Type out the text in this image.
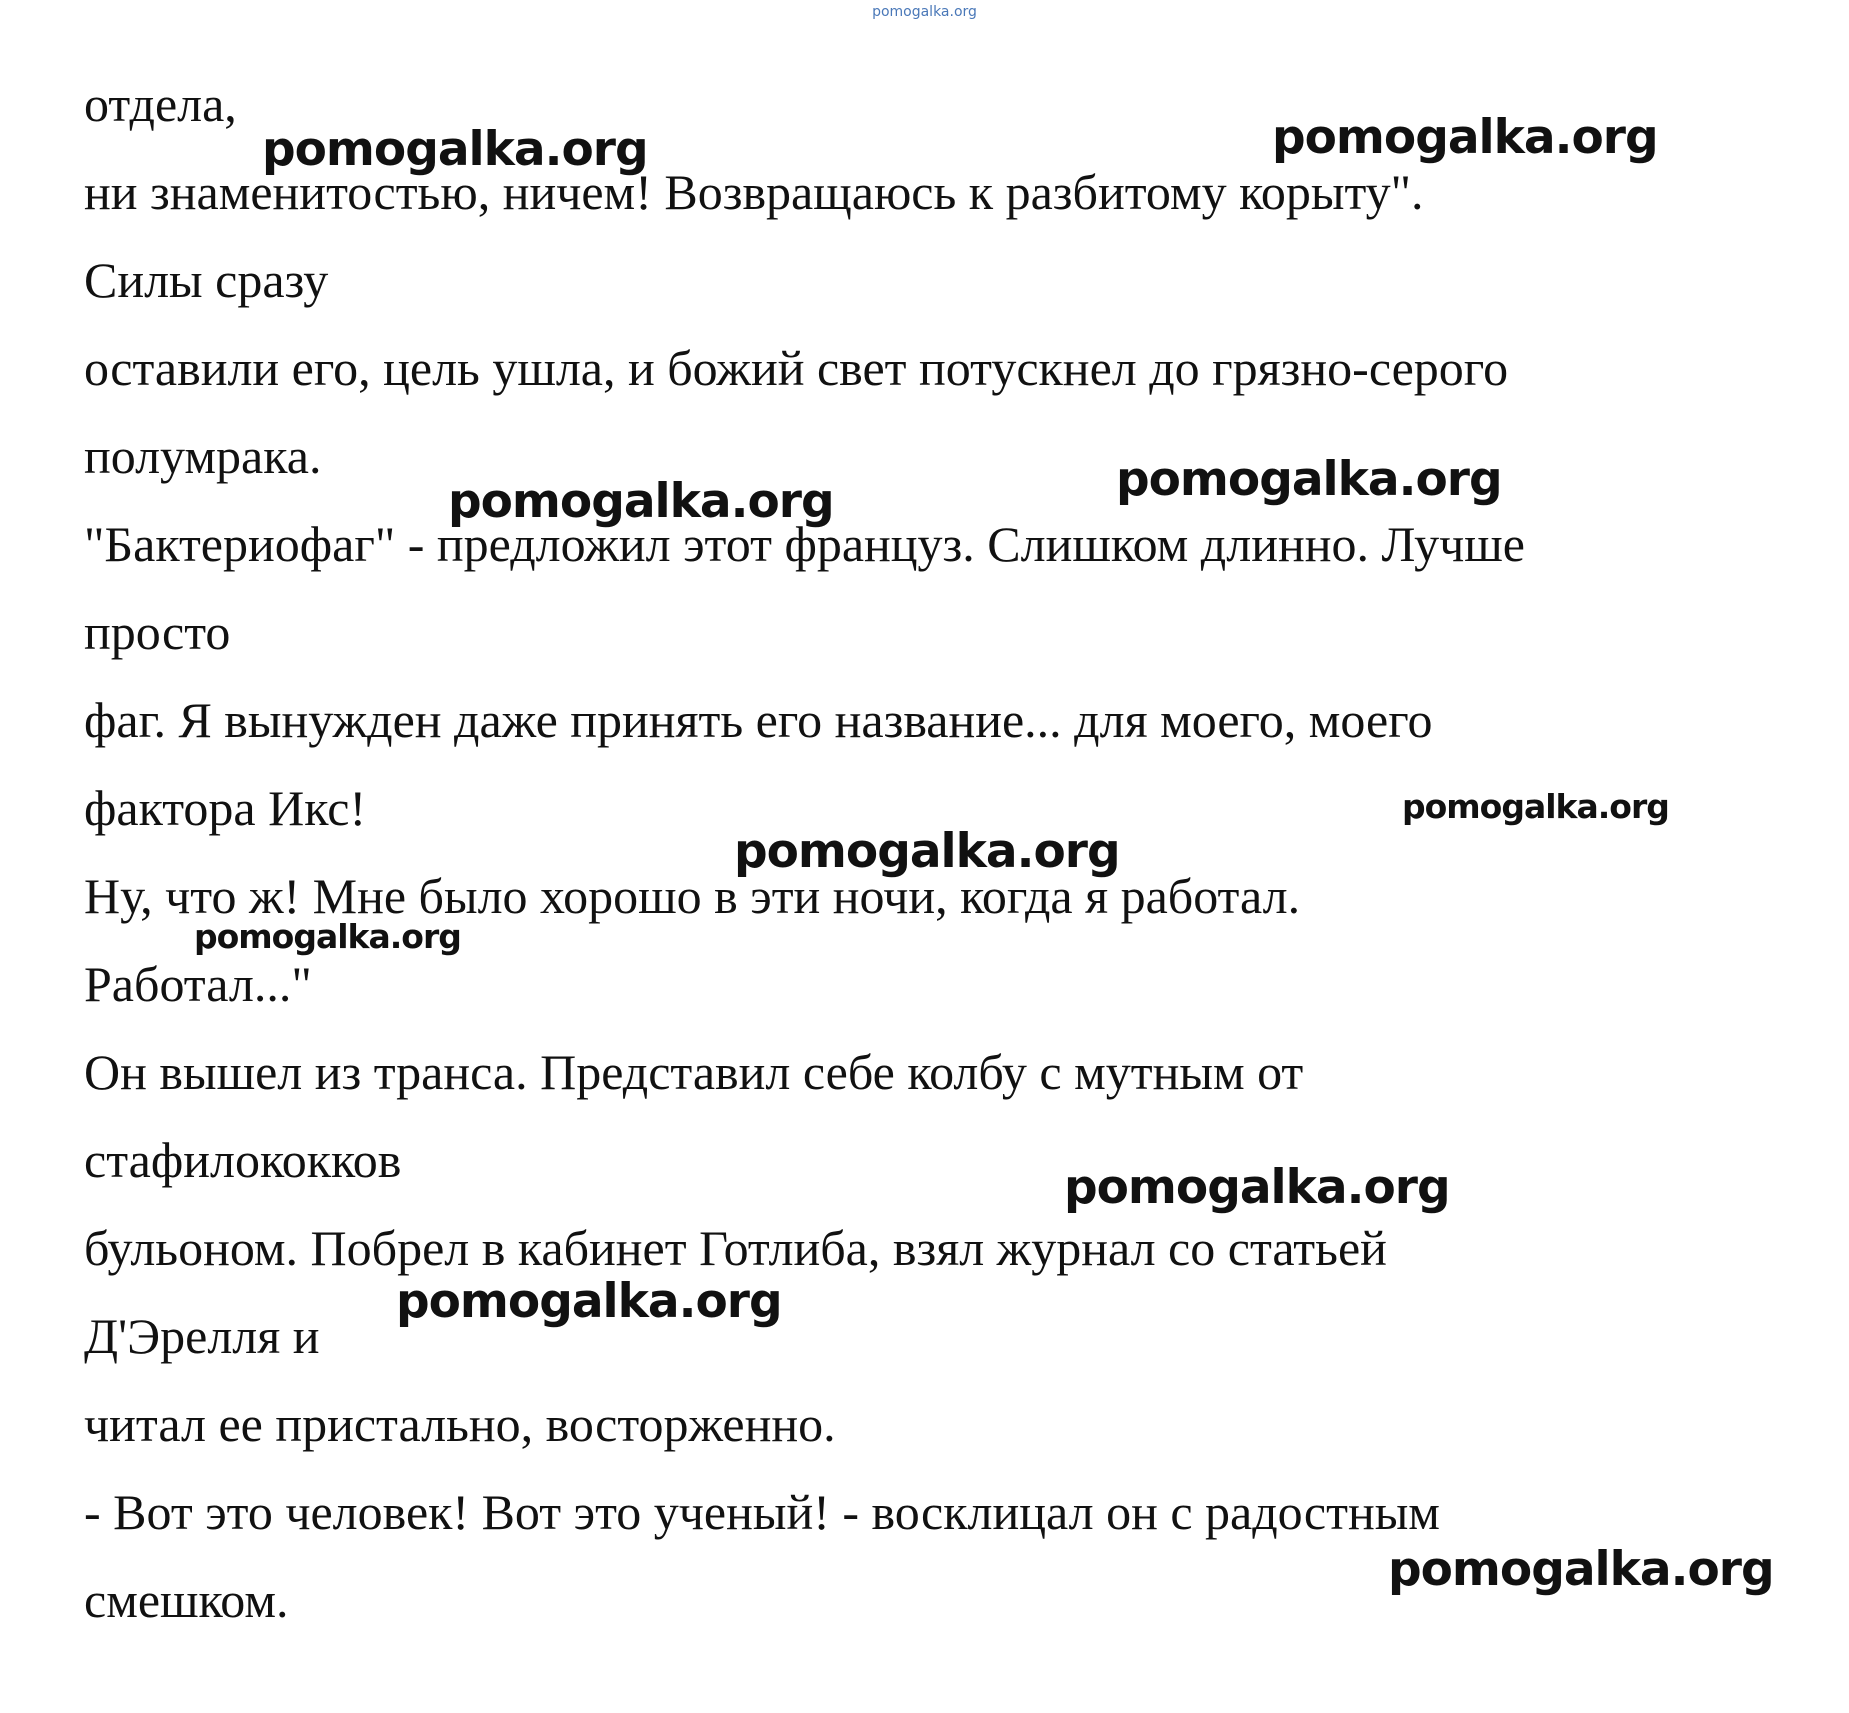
pomogalka.org
отдела,
ни знаменитостью, ничем! Возвращаюсь к разбитому корыту".
Силы сразу
оставили его, цель ушла, и божий свет потускнел до грязно-серого
полумрака.
"Бактериофаг" - предложил этот француз. Слишком длинно. Лучше
просто
фаг. Я вынужден даже принять его название... для моего, моего
фактора Икс!
Ну, что ж! Мне было хорошо в эти ночи, когда я работал.
Работал..."
Он вышел из транса. Представил себе колбу с мутным от
стафилококков
бульоном. Побрел в кабинет Готлиба, взял журнал со статьей
Д'Эрелля и
читал ее пристально, восторженно.
- Вот это человек! Вот это ученый! - восклицал он с радостным
смешком.
pomogalka.org	pomogalka.org
pomogalka.org	pomogalka.org
pomogalka.org
pomogalka.org
pomogalka.org
pomogalka.org
pomogalka.org
pomogalka.org
